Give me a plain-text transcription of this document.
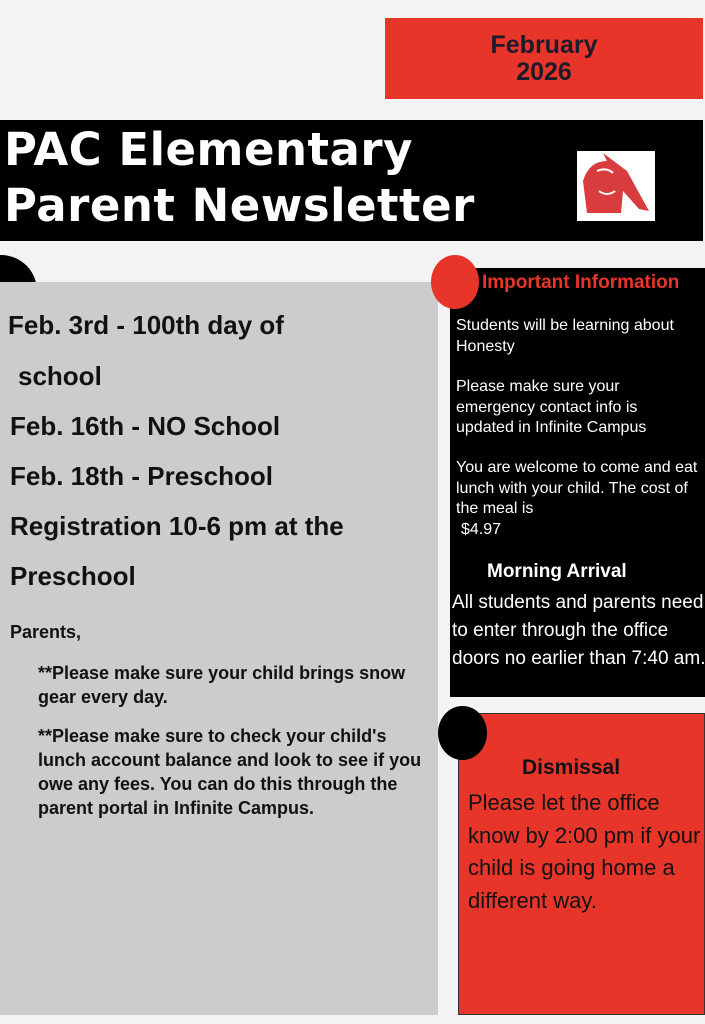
February
2026
PAC Elementary
Parent Newsletter
Feb. 3rd - 100th day of
school
Feb. 16th - NO School
Feb. 18th - Preschool
Registration 10-6 pm at the
Preschool
Parents,
**Please make sure your child brings snow gear every day.
**Please make sure to check your child's lunch account balance and look to see if you owe any fees. You can do this through the parent portal in Infinite Campus.
Important Information
Students will be learning about Honesty
Please make sure your emergency contact info is updated in Infinite Campus
You are welcome to come and eat lunch with your child. The cost of the meal is
$4.97
Morning Arrival
All students and parents need to enter through the office doors no earlier than 7:40 am.
Dismissal
Please let the office know by 2:00 pm if your child is going home a different way.
